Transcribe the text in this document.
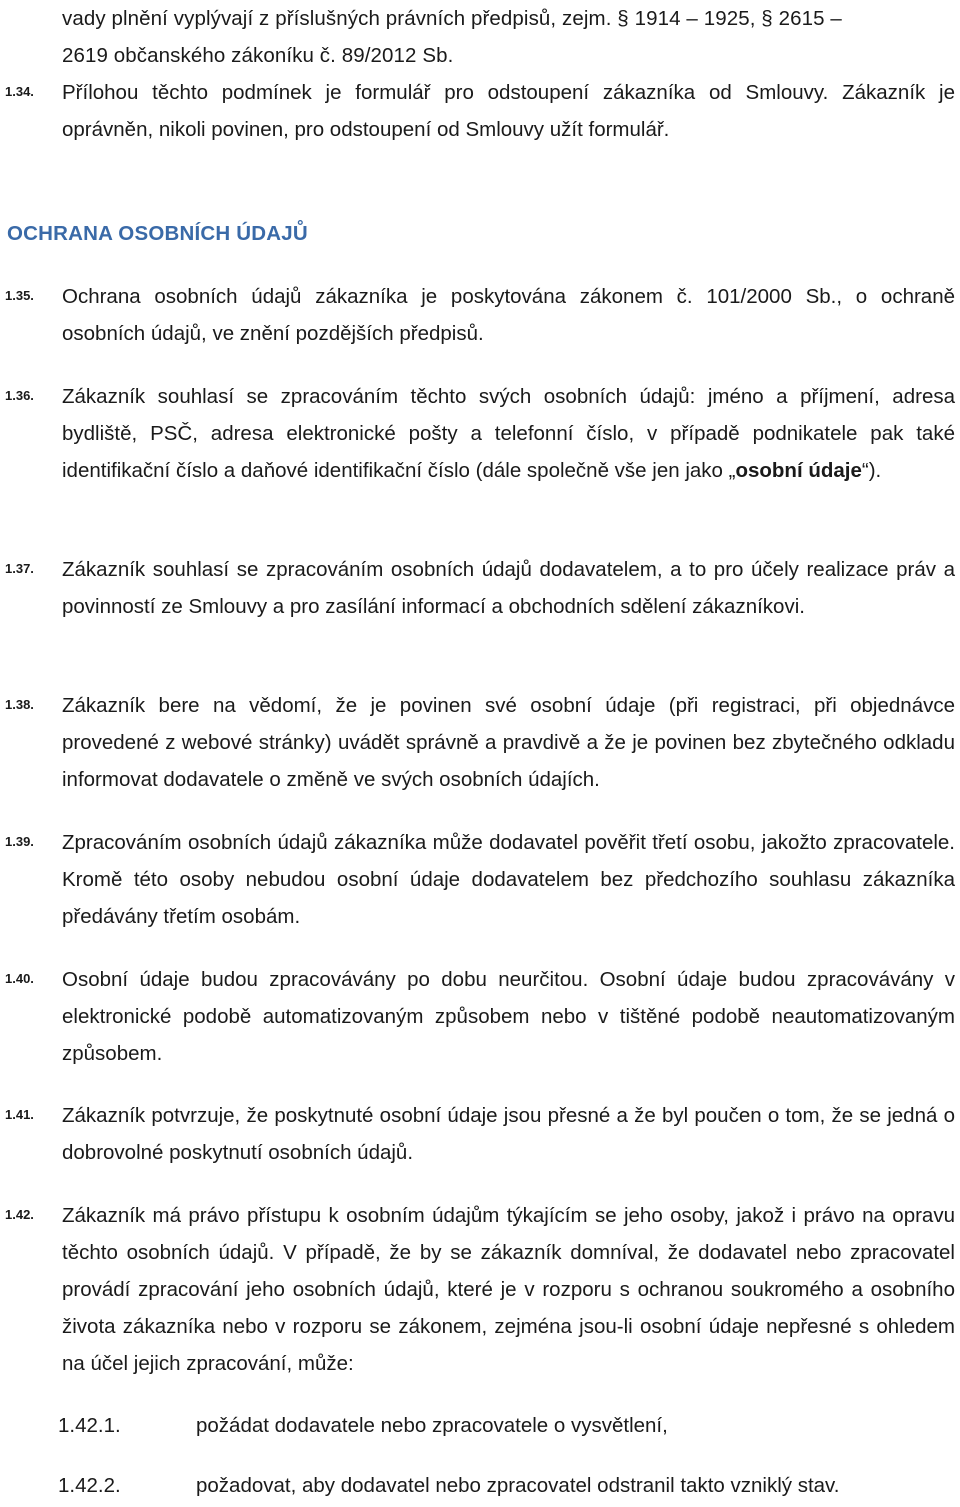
vady plnění vyplývají z příslušných právních předpisů, zejm. § 1914 – 1925, § 2615 –
2619 občanského zákoníku č. 89/2012 Sb.
1.34. Přílohou těchto podmínek je formulář pro odstoupení zákazníka od Smlouvy. Zákazník je oprávněn, nikoli povinen, pro odstoupení od Smlouvy užít formulář.
OCHRANA OSOBNÍCH ÚDAJŮ
1.35. Ochrana osobních údajů zákazníka je poskytována zákonem č. 101/2000 Sb., o ochraně osobních údajů, ve znění pozdějších předpisů.
1.36. Zákazník souhlasí se zpracováním těchto svých osobních údajů: jméno a příjmení, adresa bydliště, PSČ, adresa elektronické pošty a telefonní číslo, v případě podnikatele pak také identifikační číslo a daňové identifikační číslo (dále společně vše jen jako „osobní údaje“).
1.37. Zákazník souhlasí se zpracováním osobních údajů dodavatelem, a to pro účely realizace práv a povinností ze Smlouvy a pro zasílání informací a obchodních sdělení zákazníkovi.
1.38. Zákazník bere na vědomí, že je povinen své osobní údaje (při registraci, při objednávce provedené z webové stránky) uvádět správně a pravdivě a že je povinen bez zbytečného odkladu informovat dodavatele o změně ve svých osobních údajích.
1.39. Zpracováním osobních údajů zákazníka může dodavatel pověřit třetí osobu, jakožto zpracovatele. Kromě této osoby nebudou osobní údaje dodavatelem bez předchozího souhlasu zákazníka předávány třetím osobám.
1.40. Osobní údaje budou zpracovávány po dobu neurčitou. Osobní údaje budou zpracovávány v elektronické podobě automatizovaným způsobem nebo v tištěné podobě neautomatizovaným způsobem.
1.41. Zákazník potvrzuje, že poskytnuté osobní údaje jsou přesné a že byl poučen o tom, že se jedná o dobrovolné poskytnutí osobních údajů.
1.42. Zákazník má právo přístupu k osobním údajům týkajícím se jeho osoby, jakož i právo na opravu těchto osobních údajů. V případě, že by se zákazník domníval, že dodavatel nebo zpracovatel provádí zpracování jeho osobních údajů, které je v rozporu s ochranou soukromého a osobního života zákazníka nebo v rozporu se zákonem, zejména jsou-li osobní údaje nepřesné s ohledem na účel jejich zpracování, může:
1.42.1.	požádat dodavatele nebo zpracovatele o vysvětlení,
1.42.2.	požadovat, aby dodavatel nebo zpracovatel odstranil takto vzniklý stav.
